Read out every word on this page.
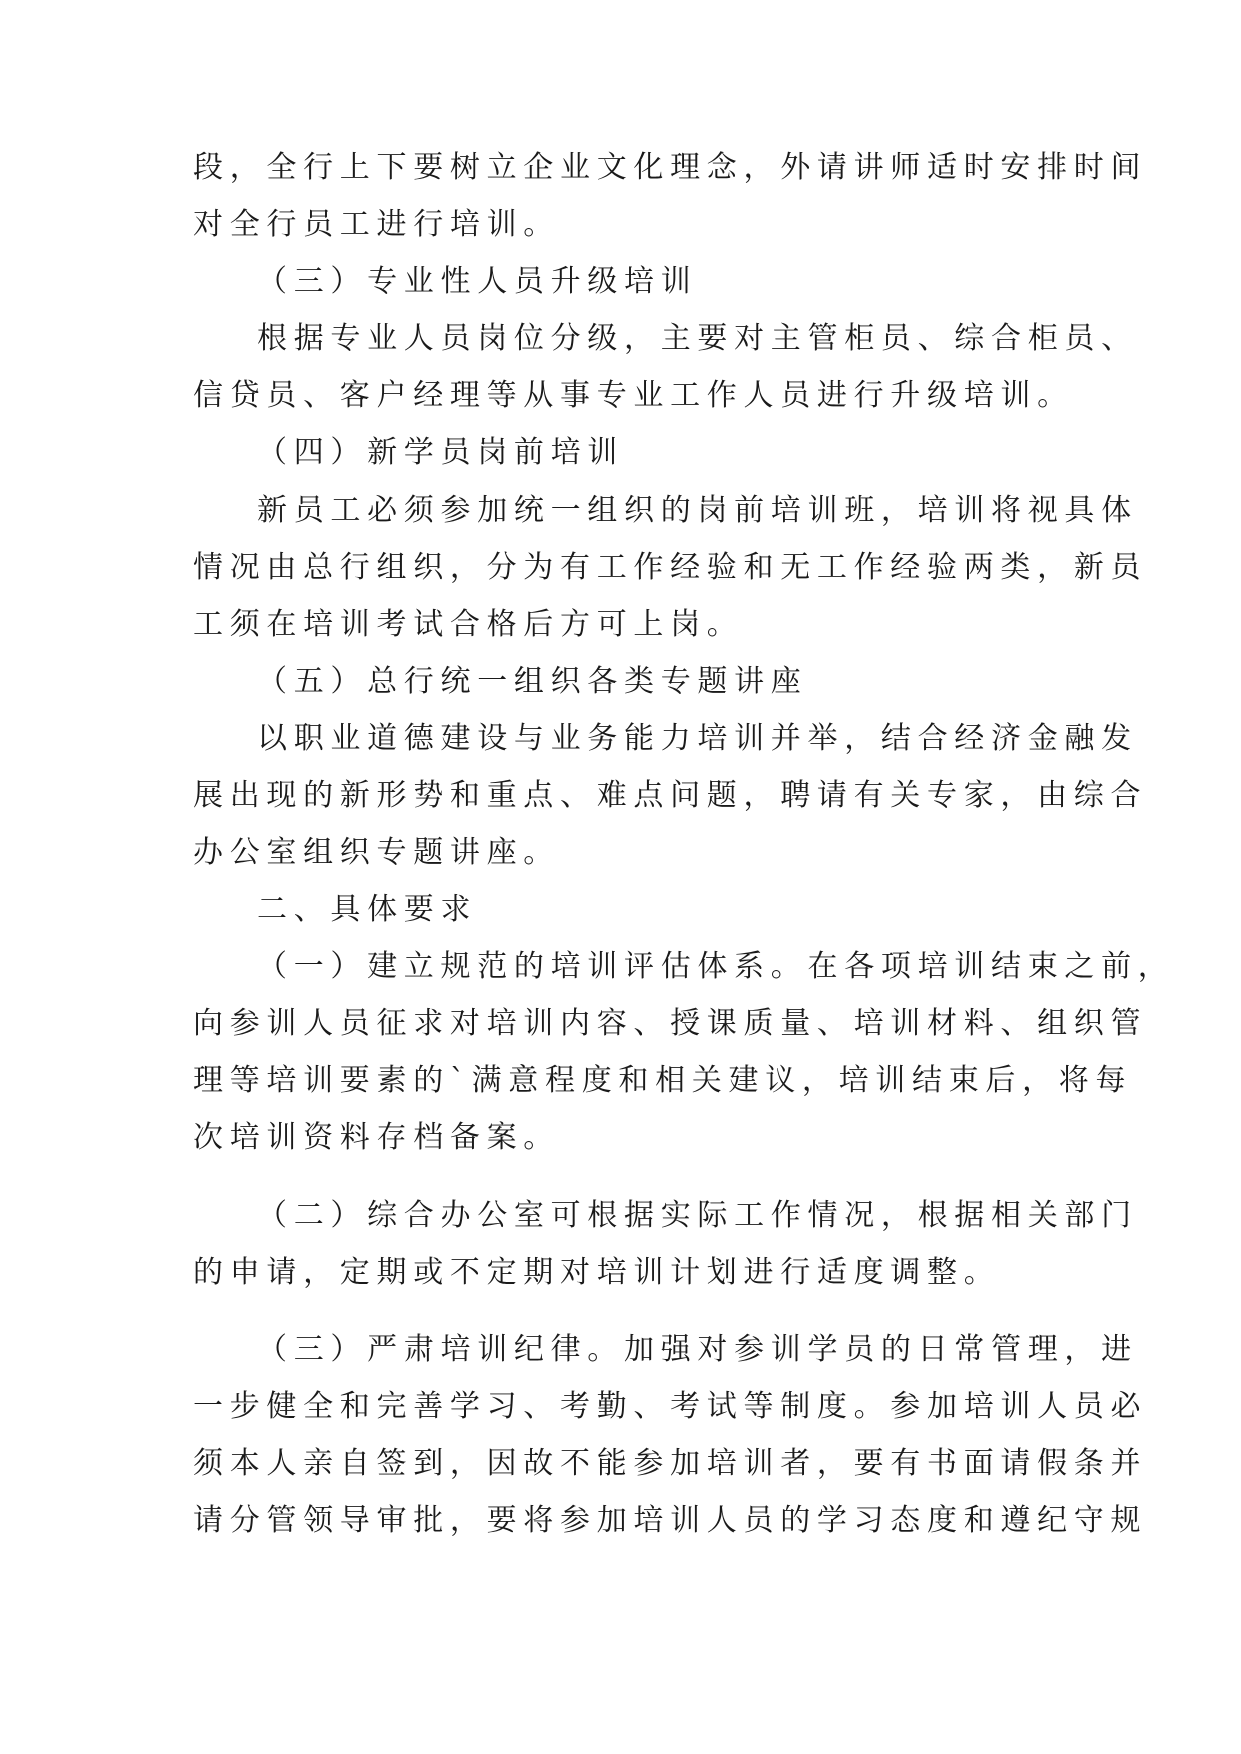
段，全行上下要树立企业文化理念，外请讲师适时安排时间

对全行员工进行培训。

（三）专业性人员升级培训

根据专业人员岗位分级，主要对主管柜员、综合柜员、

信贷员、客户经理等从事专业工作人员进行升级培训。

（四）新学员岗前培训

新员工必须参加统一组织的岗前培训班，培训将视具体

情况由总行组织，分为有工作经验和无工作经验两类，新员

工须在培训考试合格后方可上岗。

（五）总行统一组织各类专题讲座

以职业道德建设与业务能力培训并举，结合经济金融发

展出现的新形势和重点、难点问题，聘请有关专家，由综合

办公室组织专题讲座。

二、具体要求

（一）建立规范的培训评估体系。在各项培训结束之前，

向参训人员征求对培训内容、授课质量、培训材料、组织管

理等培训要素的`满意程度和相关建议，培训结束后，将每

次培训资料存档备案。

（二）综合办公室可根据实际工作情况，根据相关部门

的申请，定期或不定期对培训计划进行适度调整。

（三）严肃培训纪律。加强对参训学员的日常管理，进

一步健全和完善学习、考勤、考试等制度。参加培训人员必

须本人亲自签到，因故不能参加培训者，要有书面请假条并

请分管领导审批，要将参加培训人员的学习态度和遵纪守规
